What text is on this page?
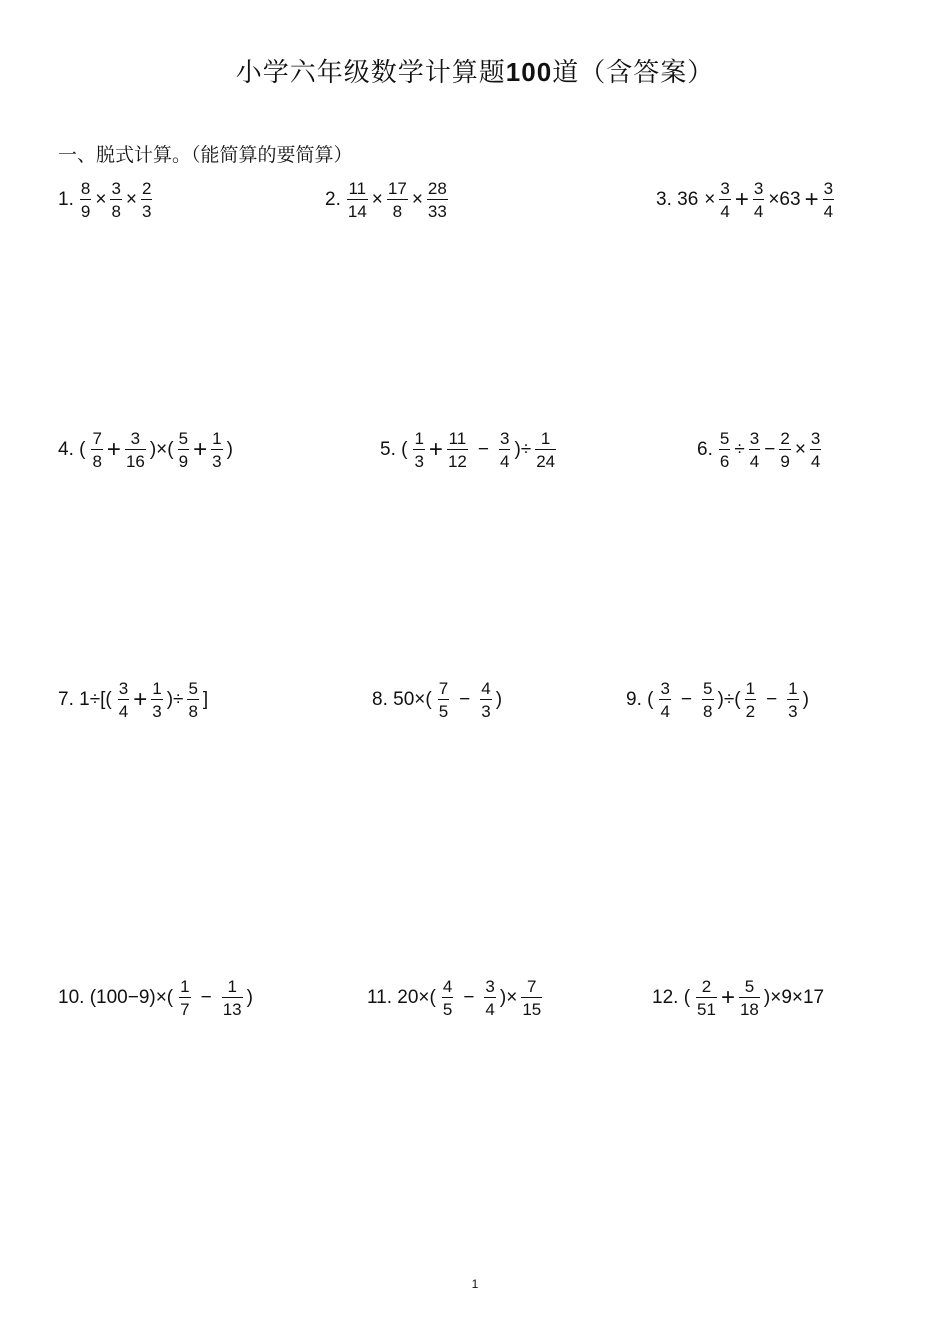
小学六年级数学计算题100道（含答案）
一、脱式计算。（能简算的要简算）
1. $\frac{8}{9} \times \frac{3}{8} \times \frac{2}{3}$	2. $\frac{11}{14} \times \frac{17}{8} \times \frac{28}{33}$	3. $36 \times \frac{3}{4} + \frac{3}{4} \times 63 + \frac{3}{4}$
4. ( $\frac{7}{8} + \frac{3}{16}$ )×( $\frac{5}{9} + \frac{1}{3}$ )	5. ( $\frac{1}{3} + \frac{11}{12} - \frac{3}{4}$ )÷ $\frac{1}{24}$	6. $\frac{5}{6} \div \frac{3}{4} - \frac{2}{9} \times \frac{3}{4}$
7. $1\div[( \frac{3}{4} + \frac{1}{3}$ )÷ $\frac{5}{8}$ ]	8. $50\times( \frac{7}{5} - \frac{4}{3}$ )	9. ( $\frac{3}{4} - \frac{5}{8}$ )÷( $\frac{1}{2} - \frac{1}{3}$ )
10. $(100-9)\times( \frac{1}{7} - \frac{1}{13}$ )	11. $20\times( \frac{4}{5} - \frac{3}{4}$ )× $\frac{7}{15}$	12. ( $\frac{2}{51} + \frac{5}{18} )\times 9\times 17$
1
